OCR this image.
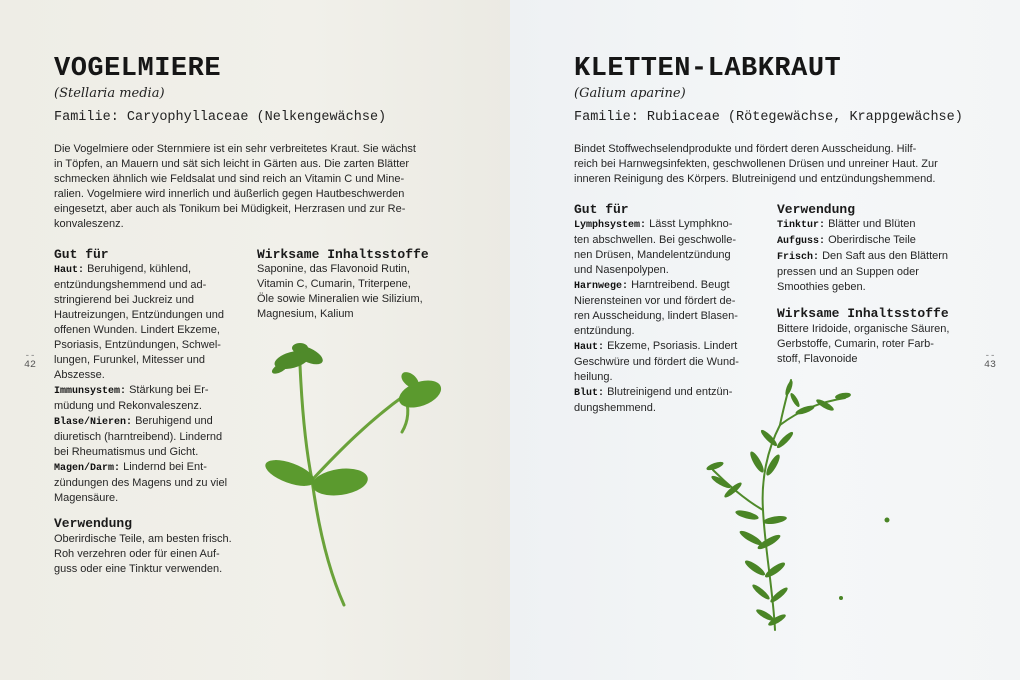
VOGELMIERE
(Stellaria media)
Familie: Caryophyllaceae (Nelkengewächse)
Die Vogelmiere oder Sternmiere ist ein sehr verbreitetes Kraut. Sie wächst
in Töpfen, an Mauern und sät sich leicht in Gärten aus. Die zarten Blätter
schmecken ähnlich wie Feldsalat und sind reich an Vitamin C und Mine-
ralien. Vogelmiere wird innerlich und äußerlich gegen Hautbeschwerden
eingesetzt, aber auch als Tonikum bei Müdigkeit, Herzrasen und zur Re-
konvaleszenz.
Gut für
Haut: Beruhigend, kühlend,
entzündungshemmend und ad-
stringierend bei Juckreiz und
Hautreizungen, Entzündungen und
offenen Wunden. Lindert Ekzeme,
Psoriasis, Entzündungen, Schwel-
lungen, Furunkel, Mitesser und
Abszesse.
Immunsystem: Stärkung bei Er-
müdung und Rekonvaleszenz.
Blase/Nieren: Beruhigend und
diuretisch (harntreibend). Lindernd
bei Rheumatismus und Gicht.
Magen/Darm: Lindernd bei Ent-
zündungen des Magens und zu viel
Magensäure.
Verwendung
Oberirdische Teile, am besten frisch.
Roh verzehren oder für einen Auf-
guss oder eine Tinktur verwenden.
Wirksame Inhaltsstoffe
Saponine, das Flavonoid Rutin,
Vitamin C, Cumarin, Triterpene,
Öle sowie Mineralien wie Silizium,
Magnesium, Kalium
--
42
KLETTEN-LABKRAUT
(Galium aparine)
Familie: Rubiaceae (Rötegewächse, Krappgewächse)
Bindet Stoffwechselendprodukte und fördert deren Ausscheidung. Hilf-
reich bei Harnwegsinfekten, geschwollenen Drüsen und unreiner Haut. Zur
inneren Reinigung des Körpers. Blutreinigend und entzündungshemmend.
Gut für
Lymphsystem: Lässt Lymphkno-
ten abschwellen. Bei geschwolle-
nen Drüsen, Mandelentzündung
und Nasenpolypen.
Harnwege: Harntreibend. Beugt
Nierensteinen vor und fördert de-
ren Ausscheidung, lindert Blasen-
entzündung.
Haut: Ekzeme, Psoriasis. Lindert
Geschwüre und fördert die Wund-
heilung.
Blut: Blutreinigend und entzün-
dungshemmend.
Verwendung
Tinktur: Blätter und Blüten
Aufguss: Oberirdische Teile
Frisch: Den Saft aus den Blättern
pressen und an Suppen oder
Smoothies geben.
Wirksame Inhaltsstoffe
Bittere Iridoide, organische Säuren,
Gerbstoffe, Cumarin, roter Farb-
stoff, Flavonoide	--
43
